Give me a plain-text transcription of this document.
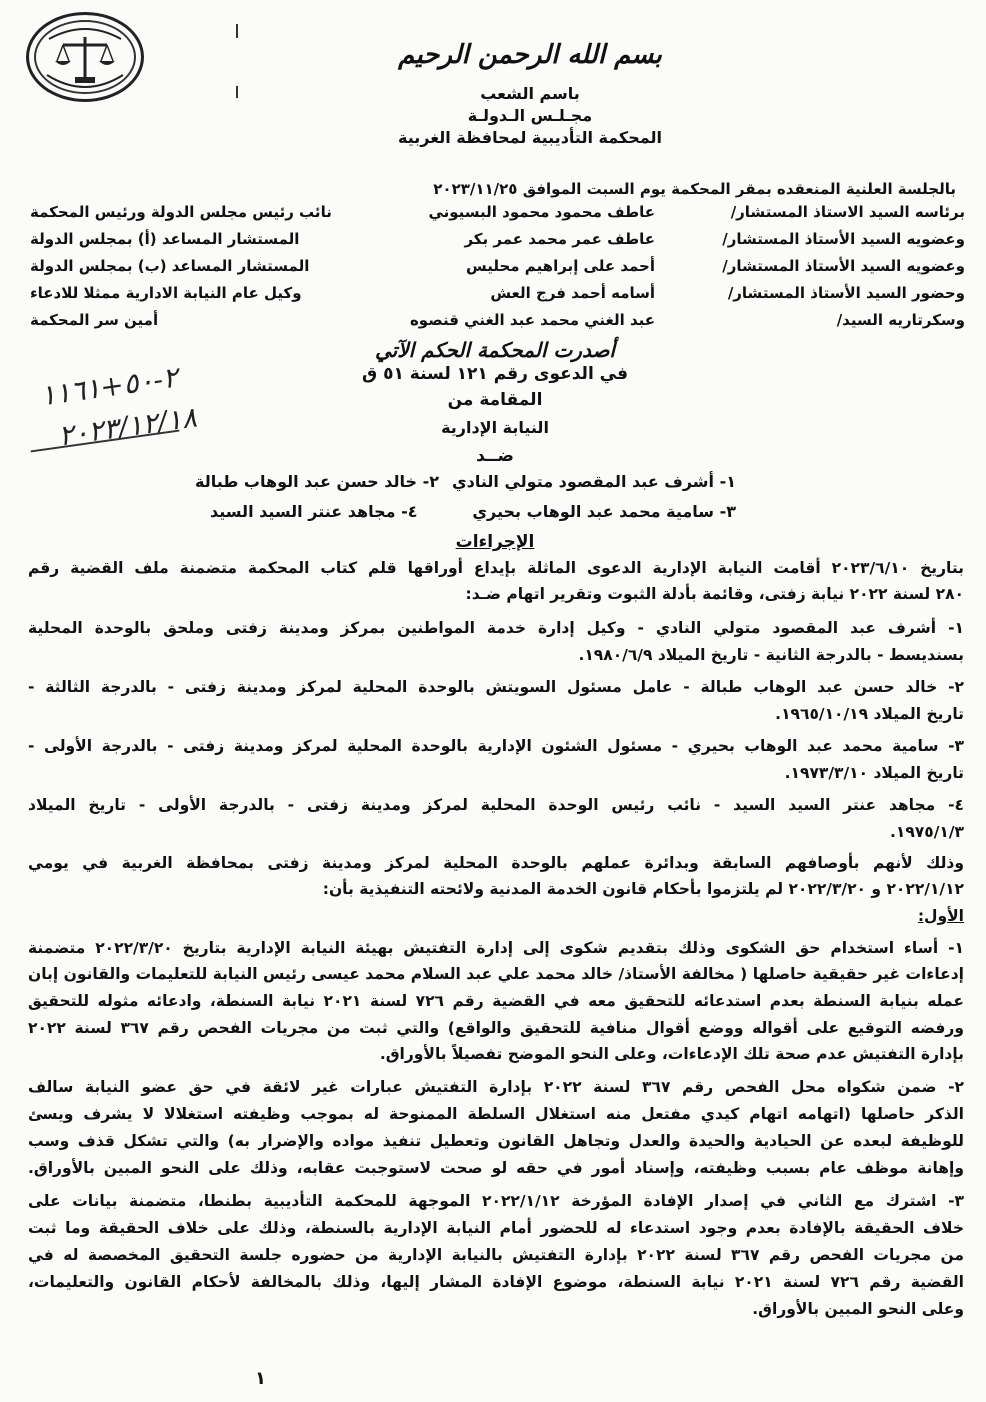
بسم الله الرحمن الرحيم
باسم الشعب
مجـلـس الـدولـة
المحكمة التأديبية لمحافظة الغربية
بالجلسة العلنية المنعقده بمقر المحكمة يوم السبت الموافق ٢٠٢٣/١١/٢٥
برئاسه السيد الاستاذ المستشار/
عاطف محمود محمود البسيوني
نائب رئيس مجلس الدولة ورئيس المحكمة
وعضويه السيد الأستاذ المستشار/
عاطف عمر محمد عمر بكر
المستشار المساعد (أ) بمجلس الدولة
وعضويه السيد الأستاذ المستشار/
أحمد على إبراهيم محليس
المستشار المساعد (ب) بمجلس الدولة
وحضور السيد الأستاذ المستشار/
أسامه أحمد فرج العش
وكيل عام النيابة الادارية ممثلا للادعاء
وسكرتاريه السيد/
عبد الغني محمد عبد الغني قنصوه
أمين سر المحكمة
أصدرت المحكمة الحكم الآتي
في الدعوى رقم ١٢١ لسنة ٥١ ق
المقامة من
النيابة الإدارية
ضــد
٢-٥٠+١١٦١
٢٠٢٣/١٢/١٨
١- أشرف عبد المقصود متولي النادي
٢- خالد حسن عبد الوهاب طبالة
٣- سامية محمد عبد الوهاب بحيري
٤- مجاهد عنتر السيد السيد
الإجراءات
بتاريخ ٢٠٢٣/٦/١٠ أقامت النيابة الإدارية الدعوى الماثلة بإيداع أوراقها قلم كتاب المحكمة متضمنة ملف القضية رقم
٢٨٠ لسنة ٢٠٢٢ نيابة زفتى، وقائمة بأدلة الثبوت وتقرير اتهام ضـد:
١- أشرف عبد المقصود متولي النادي - وكيل إدارة خدمة المواطنين بمركز ومدينة زفتى وملحق بالوحدة المحلية
بسنديسط - بالدرجة الثانية - تاريخ الميلاد ١٩٨٠/٦/٩.
٢- خالد حسن عبد الوهاب طبالة - عامل مسئول السويتش بالوحدة المحلية لمركز ومدينة زفتى - بالدرجة الثالثة -
تاريخ الميلاد ١٩٦٥/١٠/١٩.
٣- سامية محمد عبد الوهاب بحيري - مسئول الشئون الإدارية بالوحدة المحلية لمركز ومدينة زفتى - بالدرجة الأولى -
تاريخ الميلاد ١٩٧٣/٣/١٠.
٤- مجاهد عنتر السيد السيد - نائب رئيس الوحدة المحلية لمركز ومدينة زفتى - بالدرجة الأولى - تاريخ الميلاد
١٩٧٥/١/٣.
وذلك لأنهم بأوصافهم السابقة وبدائرة عملهم بالوحدة المحلية لمركز ومدينة زفتى بمحافظة الغربية في يومي
٢٠٢٢/١/١٢ و ٢٠٢٢/٣/٢٠ لم يلتزموا بأحكام قانون الخدمة المدنية ولائحته التنفيذية بأن:
الأول:
١- أساء استخدام حق الشكوى وذلك بتقديم شكوى إلى إدارة التفتيش بهيئة النيابة الإدارية بتاريخ ٢٠٢٢/٣/٢٠ متضمنة
إدعاءات غير حقيقية حاصلها ( مخالفة الأستاذ/ خالد محمد علي عبد السلام محمد عيسى رئيس النيابة للتعليمات والقانون إبان
عمله بنيابة السنطة بعدم استدعائه للتحقيق معه في القضية رقم ٧٢٦ لسنة ٢٠٢١ نيابة السنطة، وادعائه مثوله للتحقيق
ورفضه التوقيع على أقواله ووضع أقوال منافية للتحقيق والواقع) والتي ثبت من مجريات الفحص رقم ٣٦٧ لسنة ٢٠٢٢
بإدارة التفتيش عدم صحة تلك الإدعاءات، وعلى النحو الموضح تفصيلاً بالأوراق.
٢- ضمن شكواه محل الفحص رقم ٣٦٧ لسنة ٢٠٢٢ بإدارة التفتيش عبارات غير لائقة في حق عضو النيابة سالف
الذكر حاصلها (اتهامه اتهام كيدي مفتعل منه استغلال السلطة الممنوحة له بموجب وظيفته استغلالا لا يشرف ويسئ
للوظيفة لبعده عن الحيادية والحيدة والعدل وتجاهل القانون وتعطيل تنفيذ مواده والإضرار به) والتي تشكل قذف وسب
وإهانة موظف عام بسبب وظيفته، وإسناد أمور في حقه لو صحت لاستوجبت عقابه، وذلك على النحو المبين بالأوراق.
٣- اشترك مع الثاني في إصدار الإفادة المؤرخة ٢٠٢٢/١/١٢ الموجهة للمحكمة التأديبية بطنطا، متضمنة بيانات على
خلاف الحقيقة بالإفادة بعدم وجود استدعاء له للحضور أمام النيابة الإدارية بالسنطة، وذلك على خلاف الحقيقة وما ثبت
من مجريات الفحص رقم ٣٦٧ لسنة ٢٠٢٢ بإدارة التفتيش بالنيابة الإدارية من حضوره جلسة التحقيق المخصصة له في
القضية رقم ٧٢٦ لسنة ٢٠٢١ نيابة السنطة، موضوع الإفادة المشار إليها، وذلك بالمخالفة لأحكام القانون والتعليمات،
وعلى النحو المبين بالأوراق.
١
